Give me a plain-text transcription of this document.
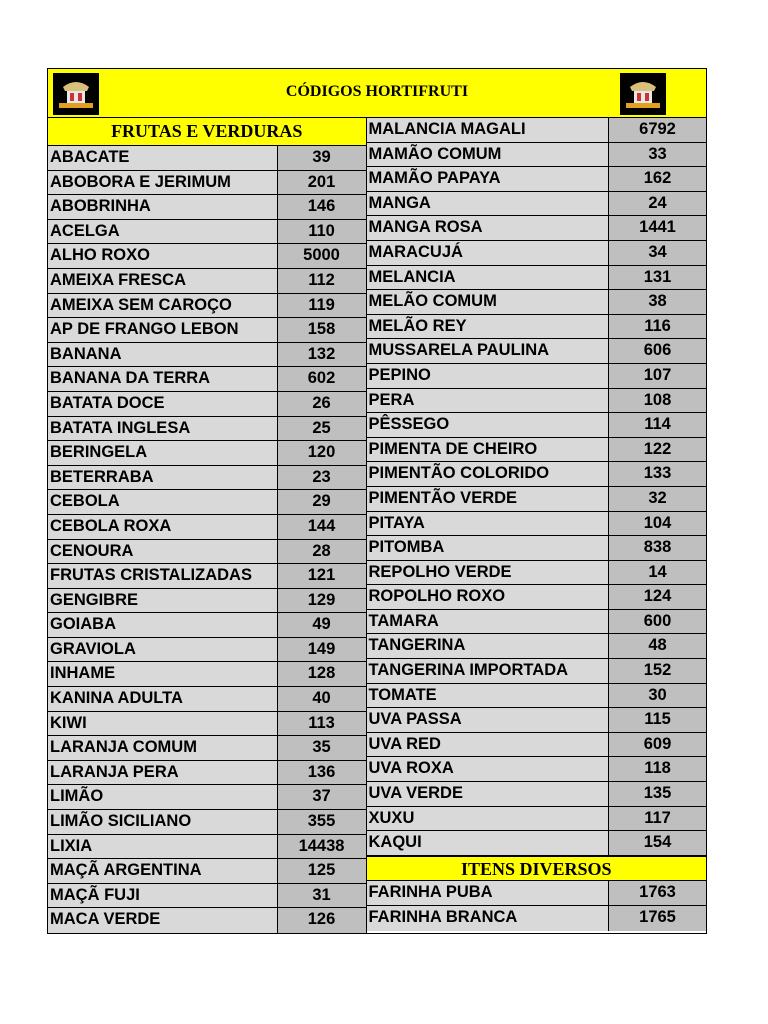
CÓDIGOS HORTIFRUTI
FRUTAS E VERDURAS
ABACATE	39
ABOBORA E JERIMUM	201
ABOBRINHA	146
ACELGA	110
ALHO ROXO	5000
AMEIXA FRESCA	112
AMEIXA SEM CAROÇO	119
AP DE FRANGO LEBON	158
BANANA	132
BANANA DA TERRA	602
BATATA DOCE	26
BATATA INGLESA	25
BERINGELA	120
BETERRABA	23
CEBOLA	29
CEBOLA ROXA	144
CENOURA	28
FRUTAS CRISTALIZADAS	121
GENGIBRE	129
GOIABA	49
GRAVIOLA	149
INHAME	128
KANINA ADULTA	40
KIWI	113
LARANJA COMUM	35
LARANJA PERA	136
LIMÃO	37
LIMÃO SICILIANO	355
LIXIA	14438
MAÇÃ ARGENTINA	125
MAÇÃ FUJI	31
MACA VERDE	126
MALANCIA MAGALI	6792
MAMÃO COMUM	33
MAMÃO PAPAYA	162
MANGA	24
MANGA ROSA	1441
MARACUJÁ	34
MELANCIA	131
MELÃO COMUM	38
MELÃO REY	116
MUSSARELA PAULINA	606
PEPINO	107
PERA	108
PÊSSEGO	114
PIMENTA DE CHEIRO	122
PIMENTÃO COLORIDO	133
PIMENTÃO VERDE	32
PITAYA	104
PITOMBA	838
REPOLHO VERDE	14
ROPOLHO ROXO	124
TAMARA	600
TANGERINA	48
TANGERINA IMPORTADA	152
TOMATE	30
UVA PASSA	115
UVA RED	609
UVA ROXA	118
UVA VERDE	135
XUXU	117
KAQUI	154
ITENS DIVERSOS
FARINHA PUBA	1763
FARINHA BRANCA	1765
